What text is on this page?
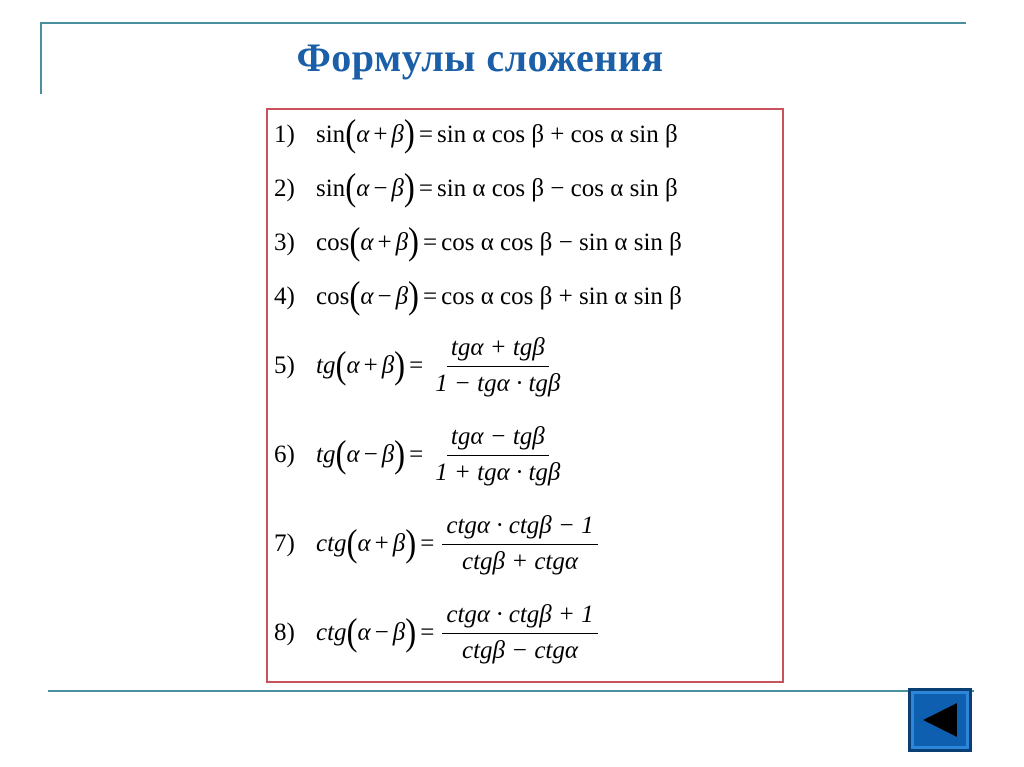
Формулы сложения
1) sin ( α + β ) = sin α cos β + cos α sin β
2) sin ( α − β ) = sin α cos β − cos α sin β
3) cos ( α + β ) = cos α cos β − sin α sin β
4) cos ( α − β ) = cos α cos β + sin α sin β
5) tg ( α + β ) = $\frac{\text{tgα + tgβ}}{\text{1 − tgα · tgβ}}$
6) tg ( α − β ) = $\frac{\text{tgα − tgβ}}{\text{1 + tgα · tgβ}}$
7) ctg ( α + β ) = $\frac{\text{ctgα · ctgβ − 1}}{\text{ctgβ + ctgα}}$
8) ctg ( α − β ) = $\frac{\text{ctgα · ctgβ + 1}}{\text{ctgβ − ctgα}}$
